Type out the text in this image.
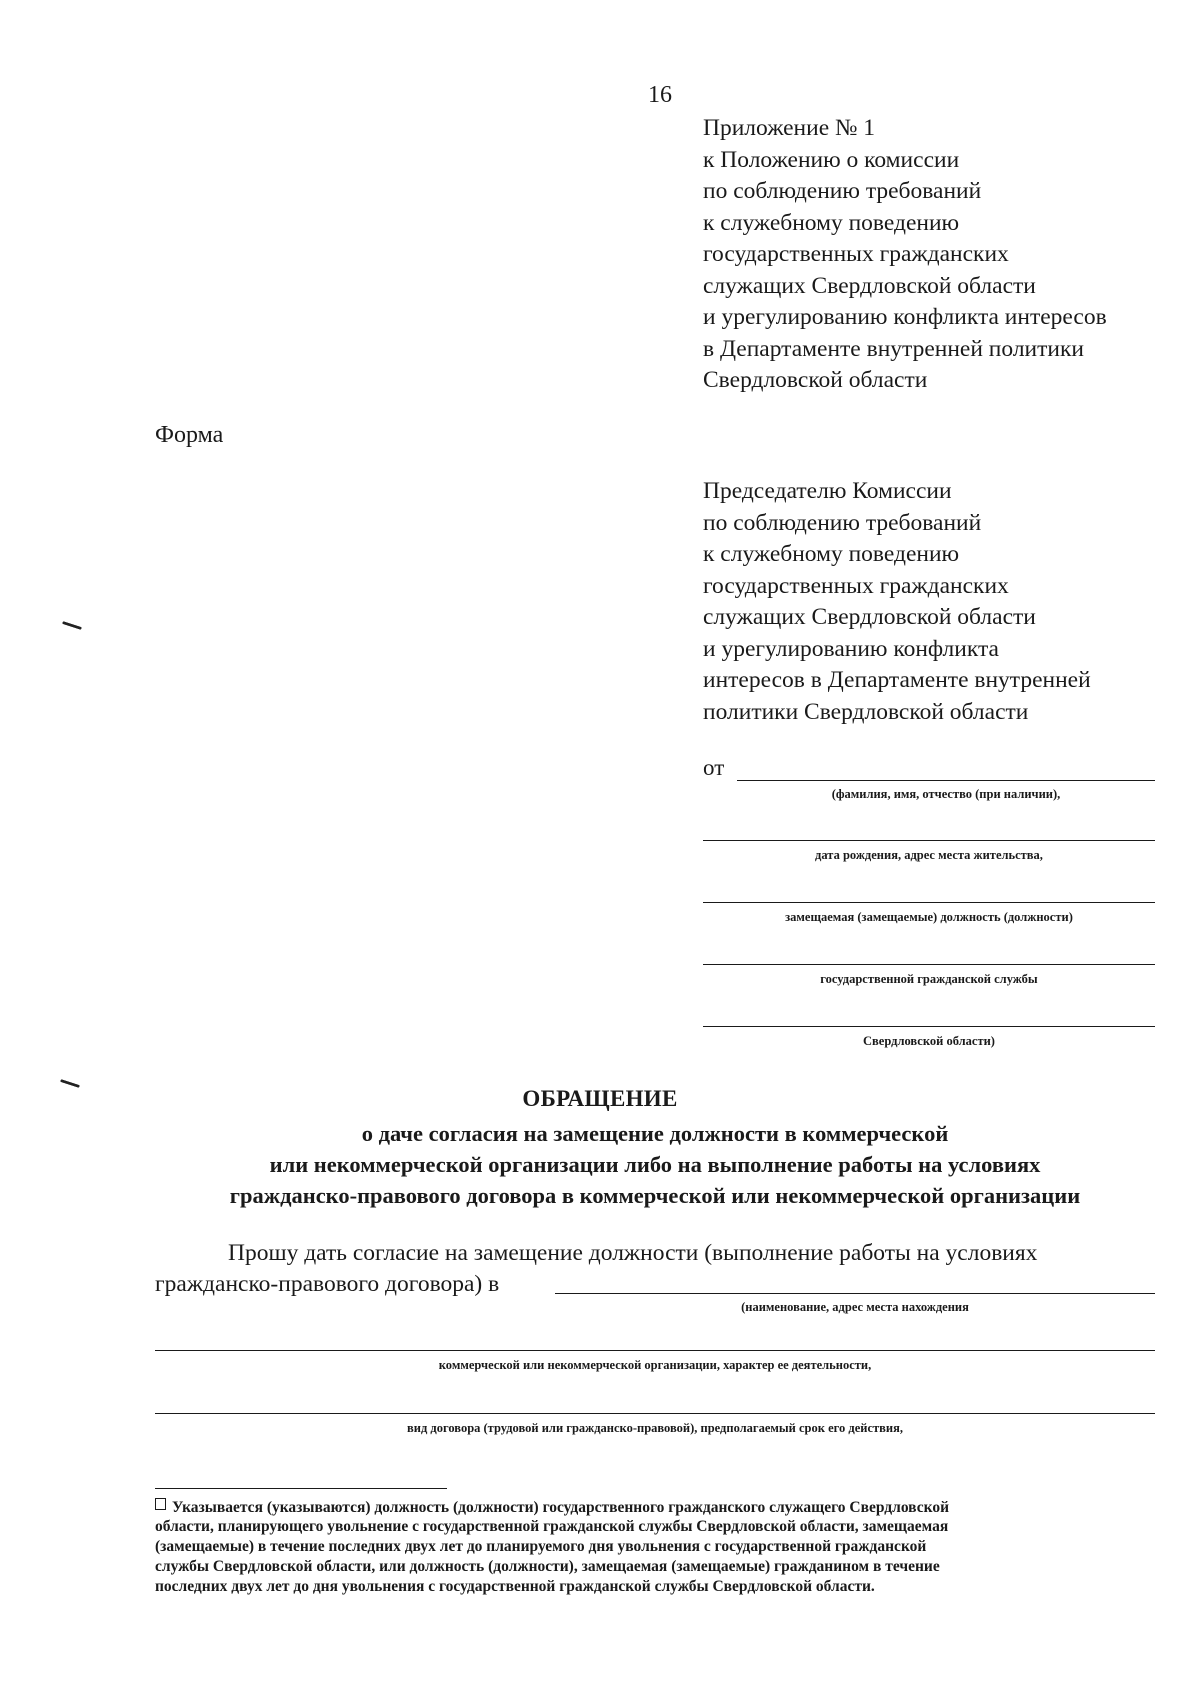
16
Приложение № 1
к Положению о комиссии
по соблюдению требований
к служебному поведению
государственных гражданских
служащих Свердловской области
и урегулированию конфликта интересов
в Департаменте внутренней политики
Свердловской области
Форма
Председателю Комиссии
по соблюдению требований
к служебному поведению
государственных гражданских
служащих Свердловской области
и урегулированию конфликта
интересов в Департаменте внутренней
политики Свердловской области
от
(фамилия, имя, отчество (при наличии),
дата рождения, адрес места жительства,
замещаемая (замещаемые) должность (должности)
государственной гражданской службы
Свердловской области)
ОБРАЩЕНИЕ
о даче согласия на замещение должности в коммерческой
или некоммерческой организации либо на выполнение работы на условиях
гражданско-правового договора в коммерческой или некоммерческой организации
Прошу дать согласие на замещение должности (выполнение работы на условиях
гражданско-правового договора) в
(наименование, адрес места нахождения
коммерческой или некоммерческой организации, характер ее деятельности,
вид договора (трудовой или гражданско-правовой), предполагаемый срок его действия,
Указывается (указываются) должность (должности) государственного гражданского служащего Свердловской
области, планирующего увольнение с государственной гражданской службы Свердловской области, замещаемая
(замещаемые) в течение последних двух лет до планируемого дня увольнения с государственной гражданской
службы Свердловской области, или должность (должности), замещаемая (замещаемые) гражданином в течение
последних двух лет до дня увольнения с государственной гражданской службы Свердловской области.
